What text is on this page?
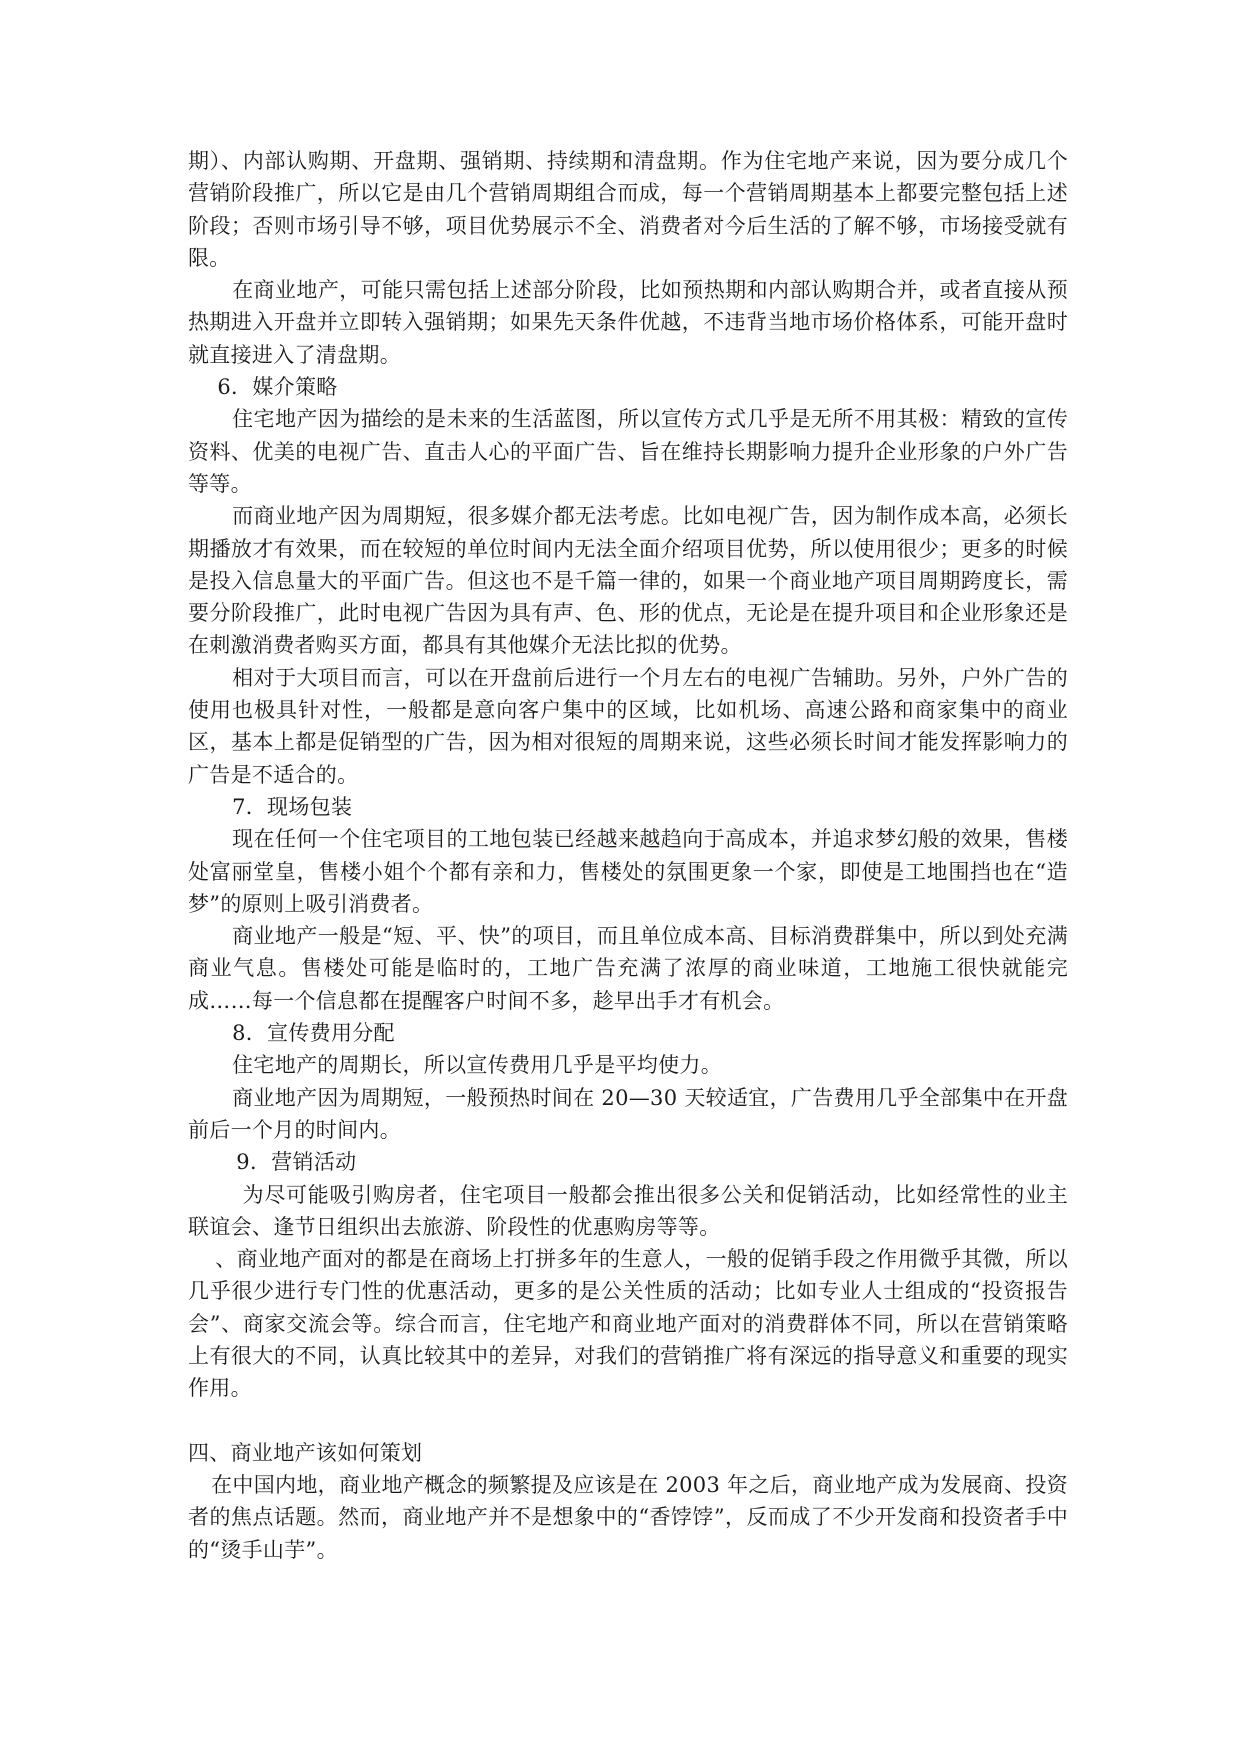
期）、内部认购期、开盘期、强销期、持续期和清盘期。作为住宅地产来说，因为要分成几个营销阶段推广，所以它是由几个营销周期组合而成，每一个营销周期基本上都要完整包括上述阶段；否则市场引导不够，项目优势展示不全、消费者对今后生活的了解不够，市场接受就有限。

在商业地产，可能只需包括上述部分阶段，比如预热期和内部认购期合并，或者直接从预热期进入开盘并立即转入强销期；如果先天条件优越，不违背当地市场价格体系，可能开盘时就直接进入了清盘期。

6．媒介策略

住宅地产因为描绘的是未来的生活蓝图，所以宣传方式几乎是无所不用其极：精致的宣传资料、优美的电视广告、直击人心的平面广告、旨在维持长期影响力提升企业形象的户外广告等等。

而商业地产因为周期短，很多媒介都无法考虑。比如电视广告，因为制作成本高，必须长期播放才有效果，而在较短的单位时间内无法全面介绍项目优势，所以使用很少；更多的时候是投入信息量大的平面广告。但这也不是千篇一律的，如果一个商业地产项目周期跨度长，需要分阶段推广，此时电视广告因为具有声、色、形的优点，无论是在提升项目和企业形象还是在刺激消费者购买方面，都具有其他媒介无法比拟的优势。

相对于大项目而言，可以在开盘前后进行一个月左右的电视广告辅助。另外，户外广告的使用也极具针对性，一般都是意向客户集中的区域，比如机场、高速公路和商家集中的商业区，基本上都是促销型的广告，因为相对很短的周期来说，这些必须长时间才能发挥影响力的广告是不适合的。

7．现场包装

现在任何一个住宅项目的工地包装已经越来越趋向于高成本，并追求梦幻般的效果，售楼处富丽堂皇，售楼小姐个个都有亲和力，售楼处的氛围更象一个家，即使是工地围挡也在“造梦”的原则上吸引消费者。

商业地产一般是“短、平、快”的项目，而且单位成本高、目标消费群集中，所以到处充满商业气息。售楼处可能是临时的，工地广告充满了浓厚的商业味道，工地施工很快就能完成……每一个信息都在提醒客户时间不多，趁早出手才有机会。

8．宣传费用分配

住宅地产的周期长，所以宣传费用几乎是平均使力。

商业地产因为周期短，一般预热时间在 20—30 天较适宜，广告费用几乎全部集中在开盘前后一个月的时间内。

9．营销活动

为尽可能吸引购房者，住宅项目一般都会推出很多公关和促销活动，比如经常性的业主联谊会、逢节日组织出去旅游、阶段性的优惠购房等等。

、商业地产面对的都是在商场上打拼多年的生意人，一般的促销手段之作用微乎其微，所以几乎很少进行专门性的优惠活动，更多的是公关性质的活动；比如专业人士组成的“投资报告会”、商家交流会等。综合而言，住宅地产和商业地产面对的消费群体不同，所以在营销策略上有很大的不同，认真比较其中的差异，对我们的营销推广将有深远的指导意义和重要的现实作用。

四、商业地产该如何策划

在中国内地，商业地产概念的频繁提及应该是在 2003 年之后，商业地产成为发展商、投资者的焦点话题。然而，商业地产并不是想象中的“香饽饽”，反而成了不少开发商和投资者手中的“烫手山芋”。
